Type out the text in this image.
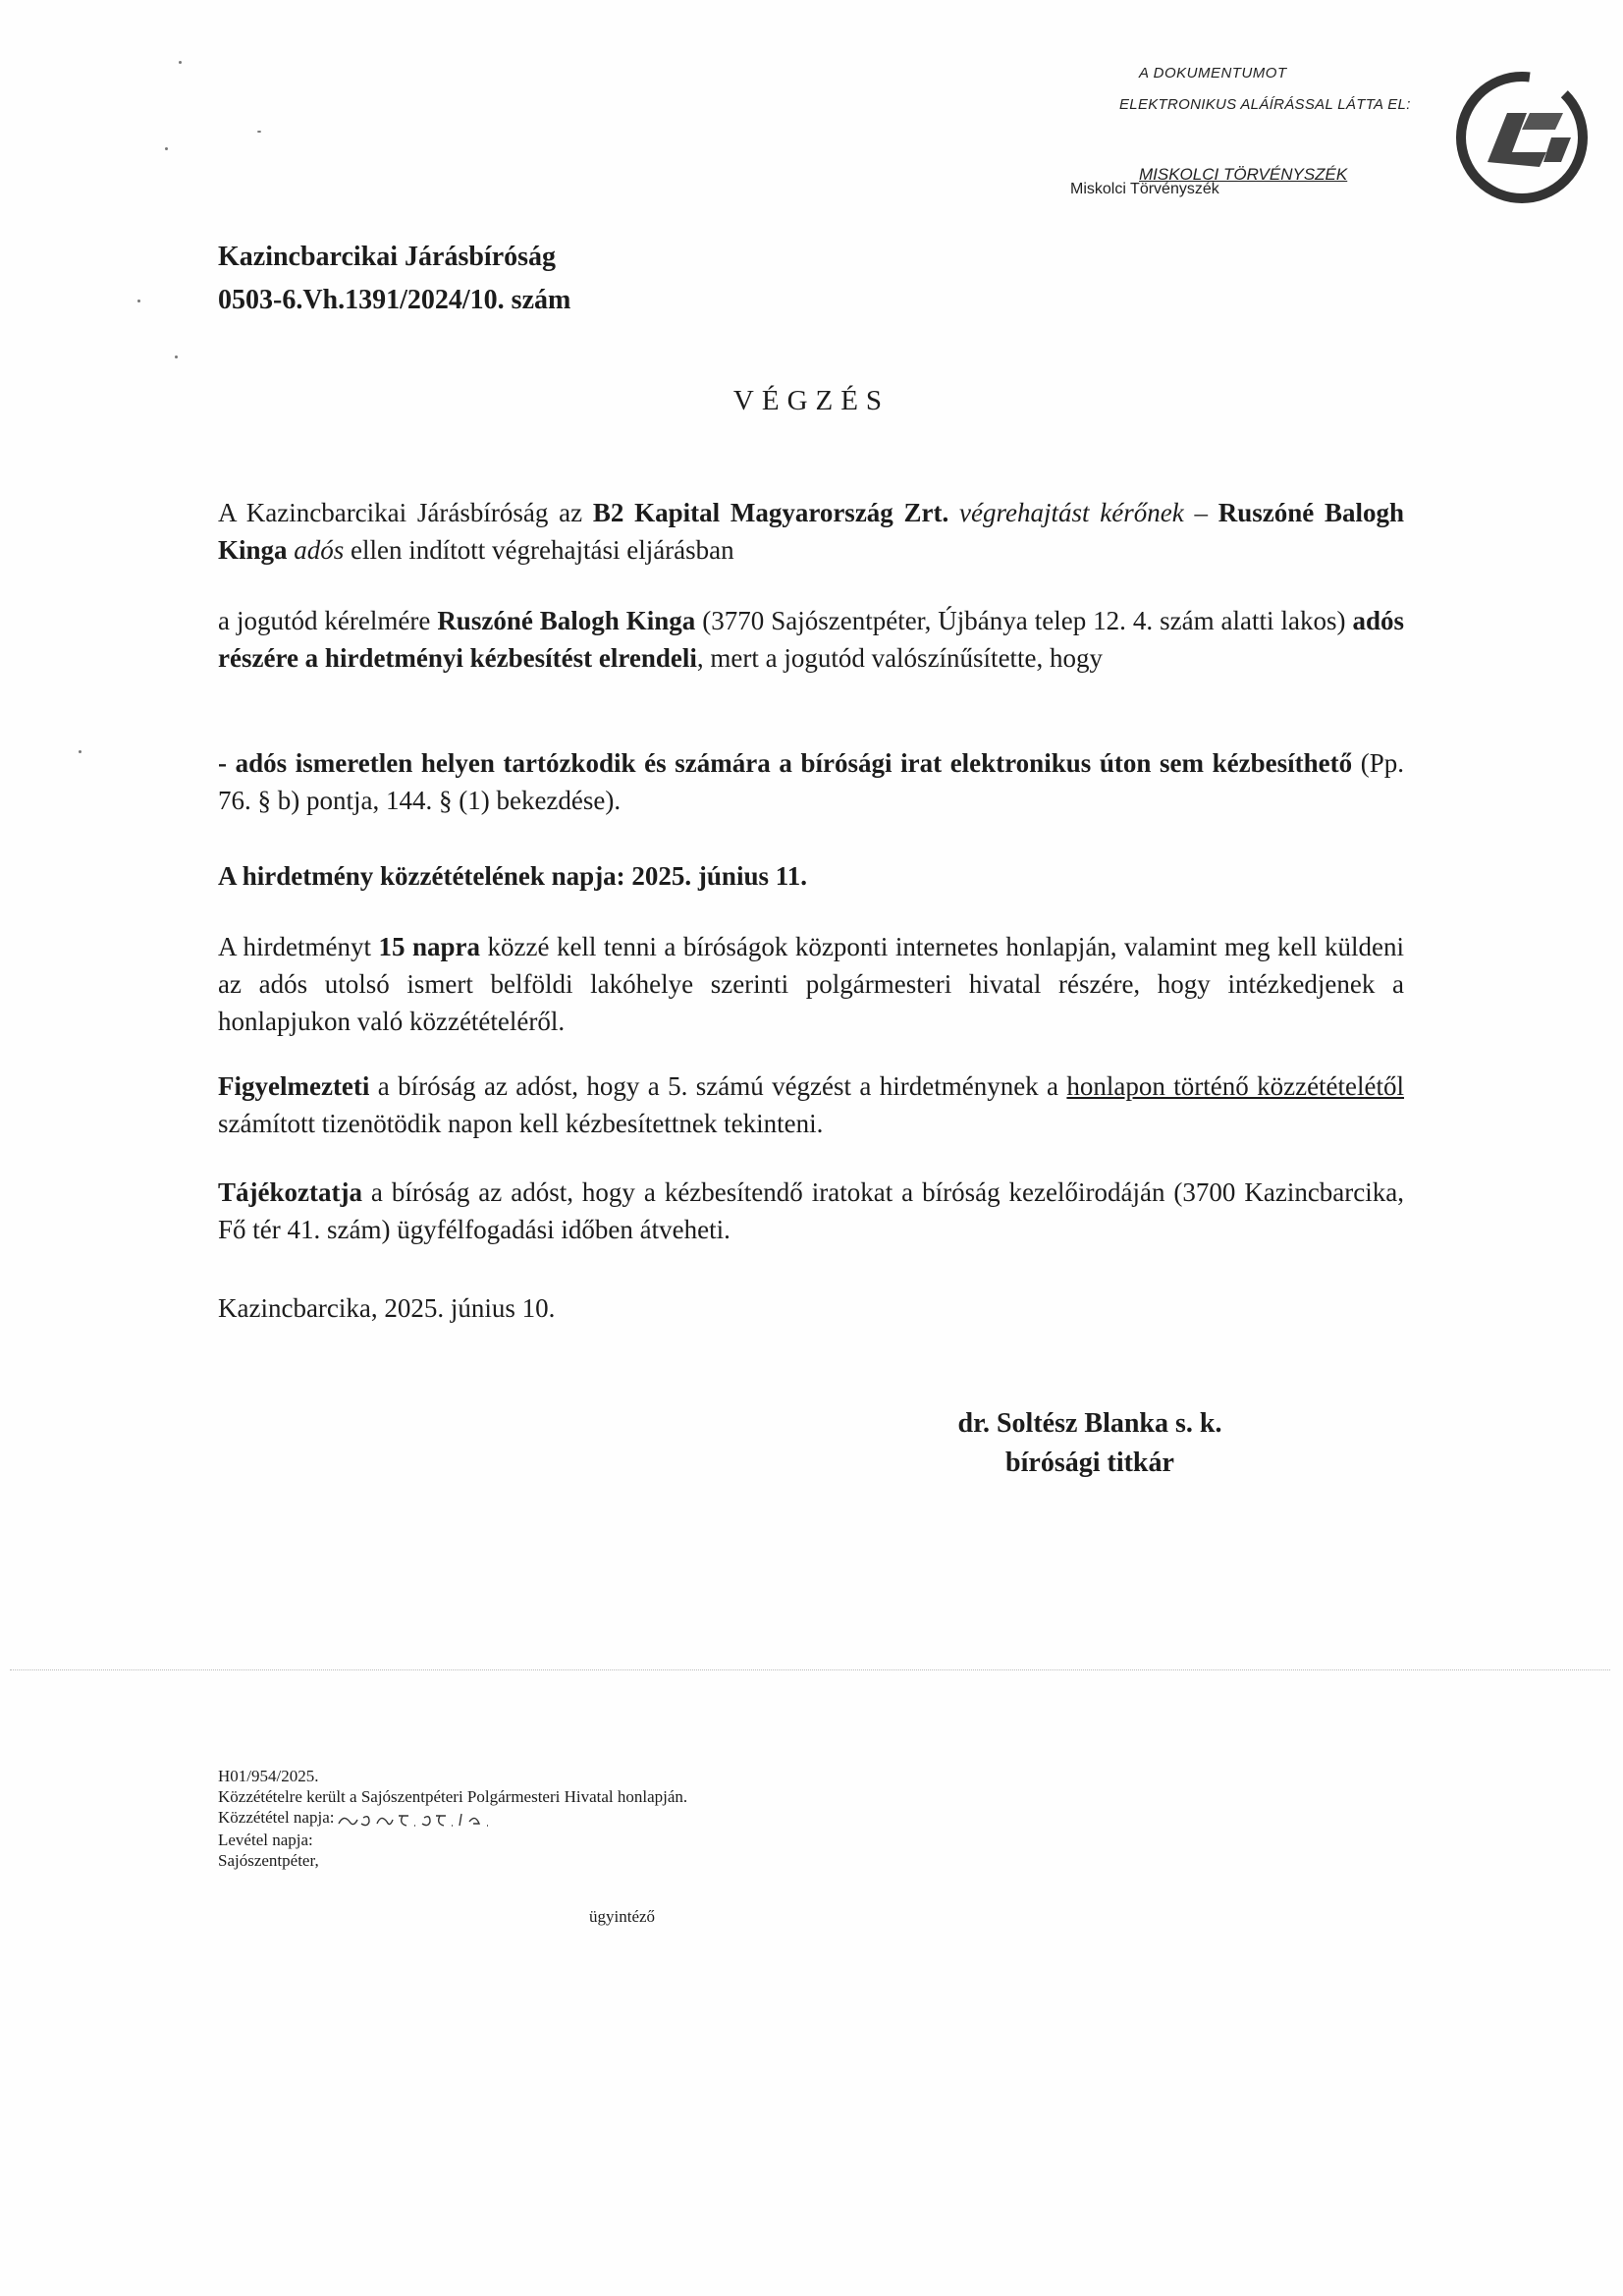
A DOKUMENTUMOT
ELEKTRONIKUS ALÁÍRÁSSAL LÁTTA EL:
MISKOLCI TÖRVÉNYSZÉK
Miskolci Törvényszék
Kazincbarcikai Járásbíróság
0503-6.Vh.1391/2024/10. szám
VÉGZÉS
A Kazincbarcikai Járásbíróság az B2 Kapital Magyarország Zrt. végrehajtást kérőnek – Ruszóné Balogh Kinga adós ellen indított végrehajtási eljárásban
a jogutód kérelmére Ruszóné Balogh Kinga (3770 Sajószentpéter, Újbánya telep 12. 4. szám alatti lakos) adós részére a hirdetményi kézbesítést elrendeli, mert a jogutód valószínűsítette, hogy
- adós ismeretlen helyen tartózkodik és számára a bírósági irat elektronikus úton sem kézbesíthető (Pp. 76. § b) pontja, 144. § (1) bekezdése).
A hirdetmény közzétételének napja: 2025. június 11.
A hirdetményt 15 napra közzé kell tenni a bíróságok központi internetes honlapján, valamint meg kell küldeni az adós utolsó ismert belföldi lakóhelye szerinti polgármesteri hivatal részére, hogy intézkedjenek a honlapjukon való közzétételéről.
Figyelmezteti a bíróság az adóst, hogy a 5. számú végzést a hirdetménynek a honlapon történő közzétételétől számított tizenötödik napon kell kézbesítettnek tekinteni.
Tájékoztatja a bíróság az adóst, hogy a kézbesítendő iratokat a bíróság kezelőirodáján (3700 Kazincbarcika, Fő tér 41. szám) ügyfélfogadási időben átveheti.
Kazincbarcika, 2025. június 10.
dr. Soltész Blanka s. k.
bírósági titkár
H01/954/2025.
Közzétételre került a Sajószentpéteri Polgármesteri Hivatal honlapján.
Közzététel napja:
Levétel napja:
Sajószentpéter,
ügyintéző
